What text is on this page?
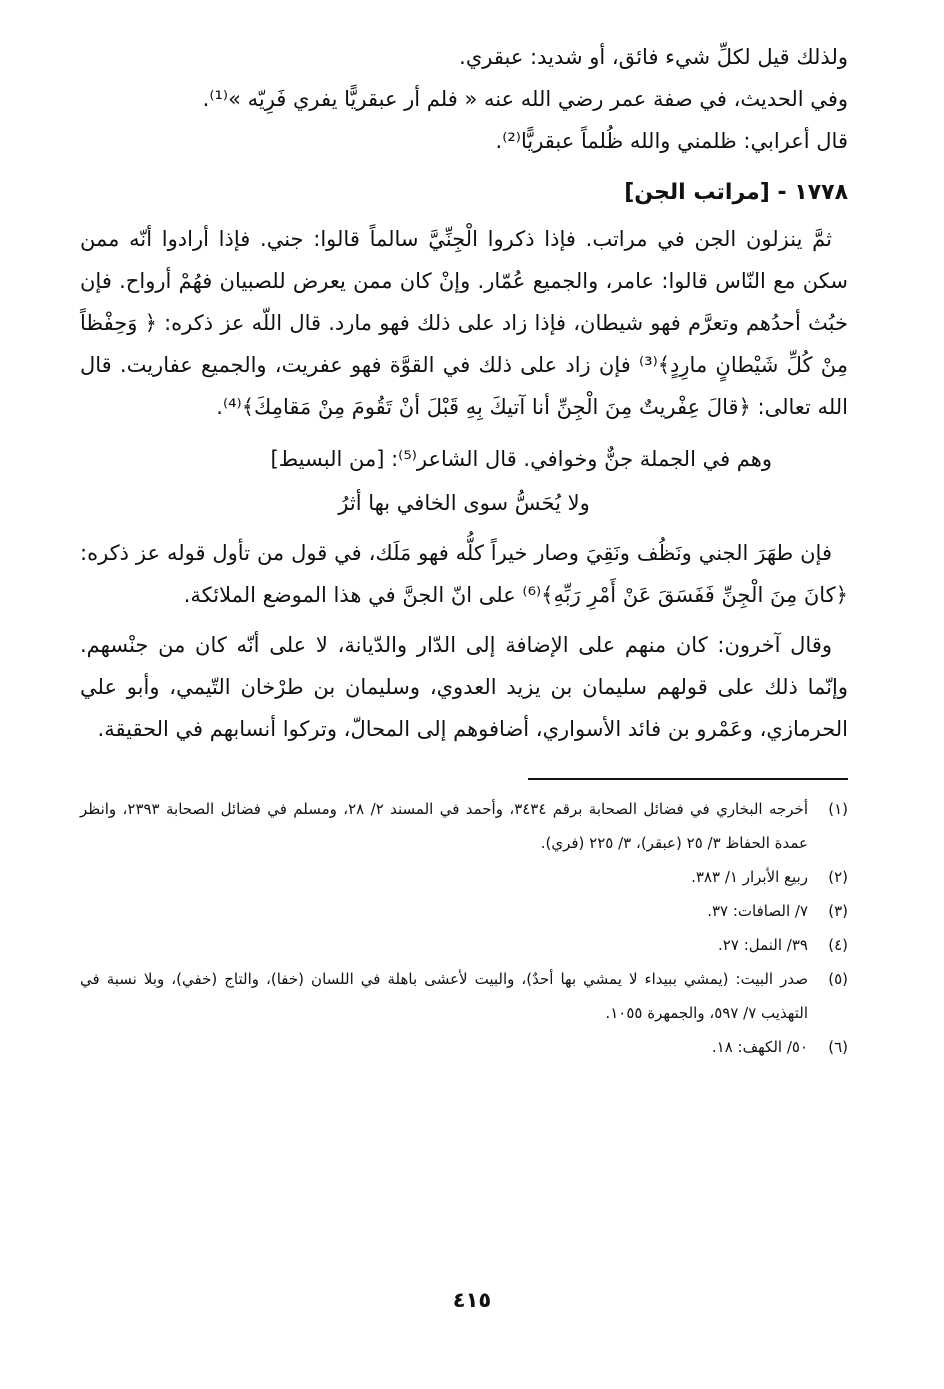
ولذلك قيل لكلِّ شيء فائق، أو شديد: عبقري.

وفي الحديث، في صفة عمر رضي الله عنه « فلم أر عبقريًّا يفري فَرِيّه »⁽¹⁾.

قال أعرابي: ظلمني والله ظُلماً عبقريًّا⁽²⁾.

١٧٧٨ - [مراتب الجن]

ثمَّ ينزلون الجن في مراتب. فإذا ذكروا الْجِنِّيَّ سالماً قالوا: جني. فإذا أرادوا أنّه ممن سكن مع النّاس قالوا: عامر، والجميع عُمّار. وإنْ كان ممن يعرض للصبيان فهُمْ أرواح. فإن خبُث أحدُهم وتعرَّم فهو شيطان، فإذا زاد على ذلك فهو مارد. قال اللّه عز ذكره: ﴿ وَحِفْظاً مِنْ كُلِّ شَيْطانٍ مارِدٍ﴾⁽³⁾ فإن زاد على ذلك في القوَّة فهو عفريت، والجميع عفاريت. قال الله تعالى: ﴿قالَ عِفْريتٌ مِنَ الْجِنِّ أنا آتيكَ بِهِ قَبْلَ أنْ تَقُومَ مِنْ مَقامِكَ﴾⁽⁴⁾.

وهم في الجملة جنٌّ وخوافي. قال الشاعر⁽⁵⁾: [من البسيط]

ولا يُحَسُّ سوى الخافي بها أثرُ

فإن طهَرَ الجني ونَظُف ونَقِيَ وصار خيراً كلُّه فهو مَلَك، في قول من تأول قوله عز ذكره: ﴿كانَ مِنَ الْجِنِّ فَفَسَقَ عَنْ أَمْرِ رَبِّهِ﴾⁽⁶⁾ على انّ الجنَّ في هذا الموضع الملائكة.

وقال آخرون: كان منهم على الإضافة إلى الدّار والدّيانة، لا على أنّه كان من جنْسهم. وإنّما ذلك على قولهم سليمان بن يزيد العدوي، وسليمان بن طرْخان التّيمي، وأبو علي الحرمازي، وعَمْرو بن فائد الأسواري، أضافوهم إلى المحالّ، وتركوا أنسابهم في الحقيقة.

(١)
أخرجه البخاري في فضائل الصحابة برقم ٣٤٣٤، وأحمد في المسند ٢/ ٢٨، ومسلم في فضائل الصحابة ٢٣٩٣، وانظر عمدة الحفاظ ٣/ ٢٥ (عبقر)، ٣/ ٢٢٥ (فري).
(٢)
ربيع الأبرار ١/ ٣٨٣.
(٣)
٧/ الصافات: ٣٧.
(٤)
٣٩/ النمل: ٢٧.
(٥)
صدر البيت: (يمشي ببيداء لا يمشي بها أحدٌ)، والبيت لأعشى باهلة في اللسان (خفا)، والتاج (خفي)، وبلا نسبة في التهذيب ٧/ ٥٩٧، والجمهرة ١٠٥٥.
(٦)
٥٠/ الكهف: ١٨.
٤١٥
